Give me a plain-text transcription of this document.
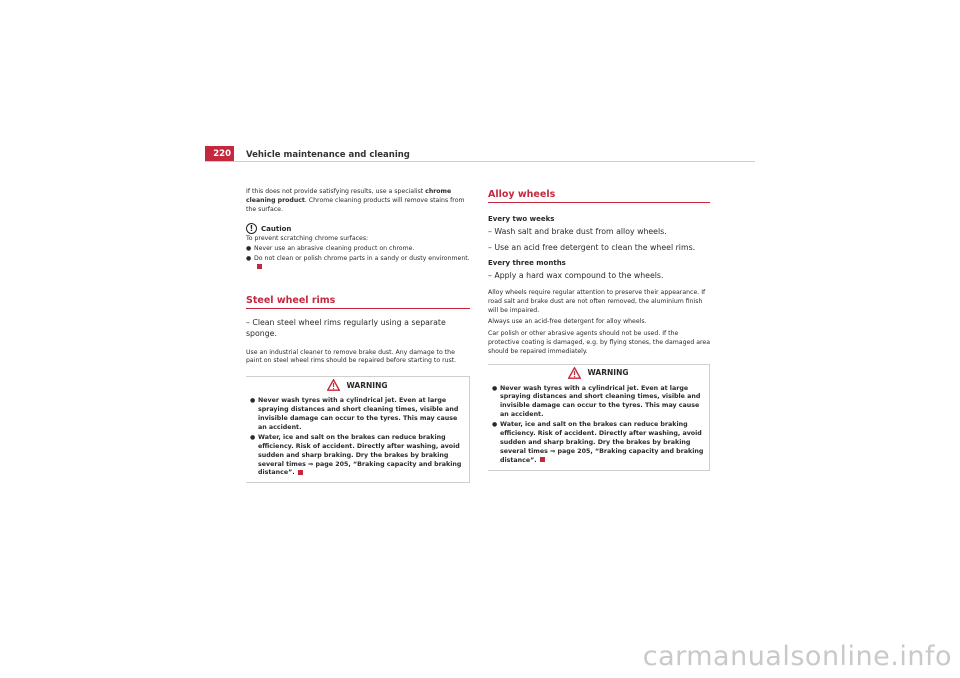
220	Vehicle maintenance and cleaning

If this does not provide satisfying results, use a specialist chrome cleaning product. Chrome cleaning products will remove stains from the surface.

!	Caution

To prevent scratching chrome surfaces:

● Never use an abrasive cleaning product on chrome.

● Do not clean or polish chrome parts in a sandy or dusty environment.

Steel wheel rims

– Clean steel wheel rims regularly using a separate sponge.

Use an industrial cleaner to remove brake dust. Any damage to the paint on steel wheel rims should be repaired before starting to rust.

WARNING

● Never wash tyres with a cylindrical jet. Even at large spraying distances and short cleaning times, visible and invisible damage can occur to the tyres. This may cause an accident.

● Water, ice and salt on the brakes can reduce braking efficiency. Risk of accident. Directly after washing, avoid sudden and sharp braking. Dry the brakes by braking several times ⇒ page 205, “Braking capacity and braking distance”.

Alloy wheels

Every two weeks

– Wash salt and brake dust from alloy wheels.

– Use an acid free detergent to clean the wheel rims.

Every three months

– Apply a hard wax compound to the wheels.

Alloy wheels require regular attention to preserve their appearance. If road salt and brake dust are not often removed, the aluminium finish will be impaired.

Always use an acid-free detergent for alloy wheels.

Car polish or other abrasive agents should not be used. If the protective coating is damaged, e.g. by flying stones, the damaged area should be repaired immediately.

WARNING

● Never wash tyres with a cylindrical jet. Even at large spraying distances and short cleaning times, visible and invisible damage can occur to the tyres. This may cause an accident.

● Water, ice and salt on the brakes can reduce braking efficiency. Risk of accident. Directly after washing, avoid sudden and sharp braking. Dry the brakes by braking several times ⇒ page 205, “Braking capacity and braking distance”.

carmanualsonline.info
